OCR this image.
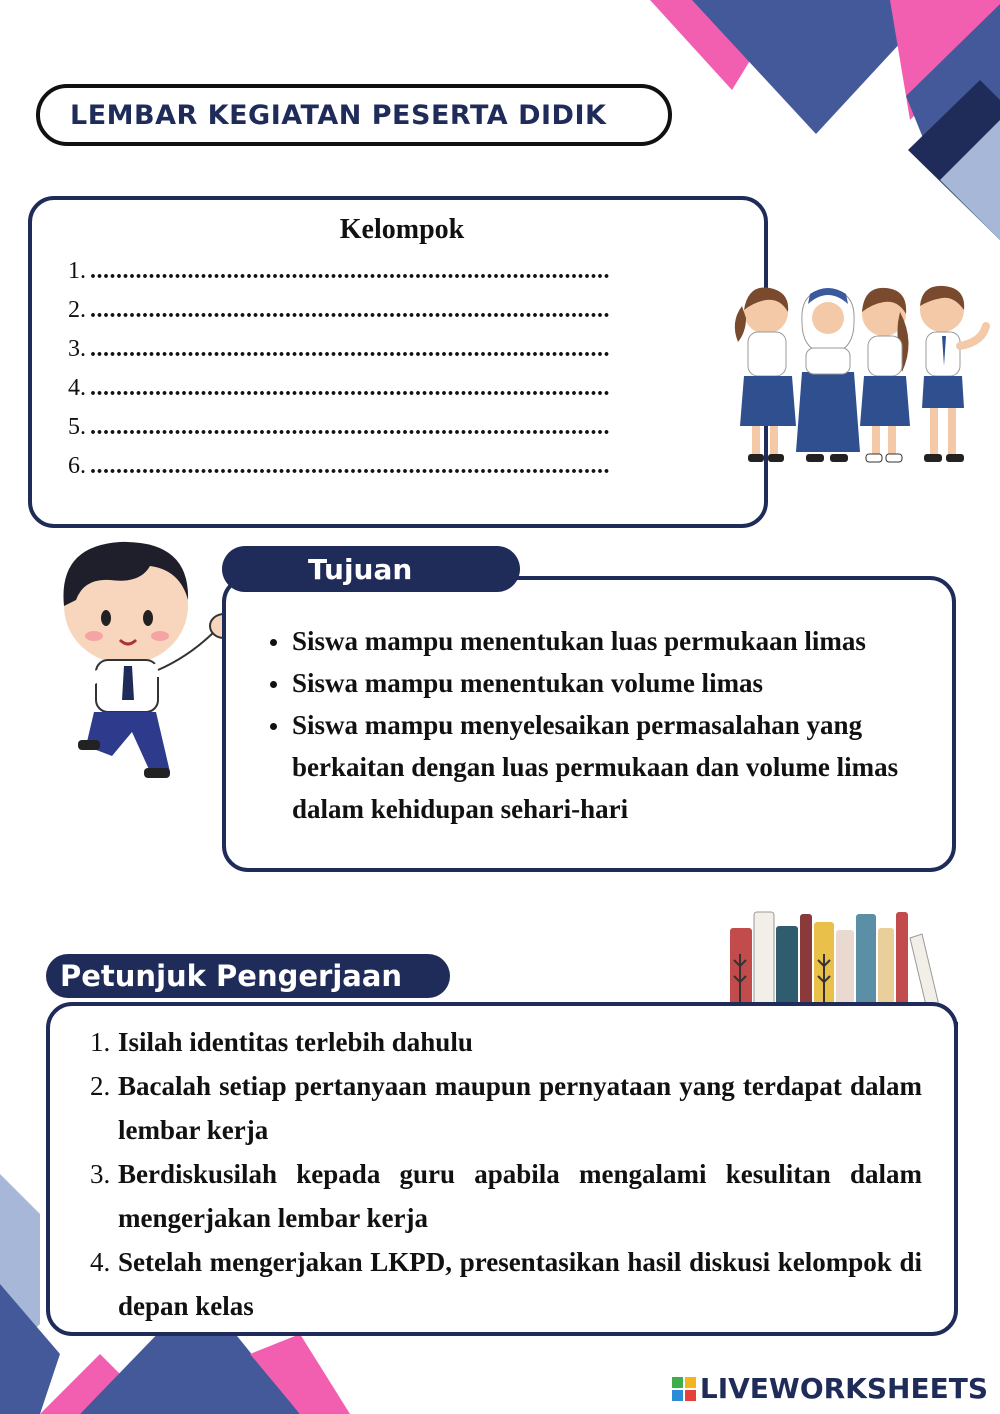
LEMBAR KEGIATAN PESERTA DIDIK
Kelompok
1. ................................................................................
2. ................................................................................
3. ................................................................................
4. ................................................................................
5. ................................................................................
6. ................................................................................
Siswa mampu menentukan luas permukaan limas
Siswa mampu menentukan volume limas
Siswa mampu menyelesaikan permasalahan yang berkaitan dengan luas permukaan dan volume limas dalam kehidupan sehari-hari
Tujuan
1. Isilah identitas terlebih dahulu
2. Bacalah setiap pertanyaan maupun pernyataan yang terdapat dalam lembar kerja
3. Berdiskusilah kepada guru apabila mengalami kesulitan dalam mengerjakan lembar kerja
4. Setelah mengerjakan LKPD, presentasikan hasil diskusi kelompok di depan kelas
Petunjuk Pengerjaan
LIVEWORKSHEETS
